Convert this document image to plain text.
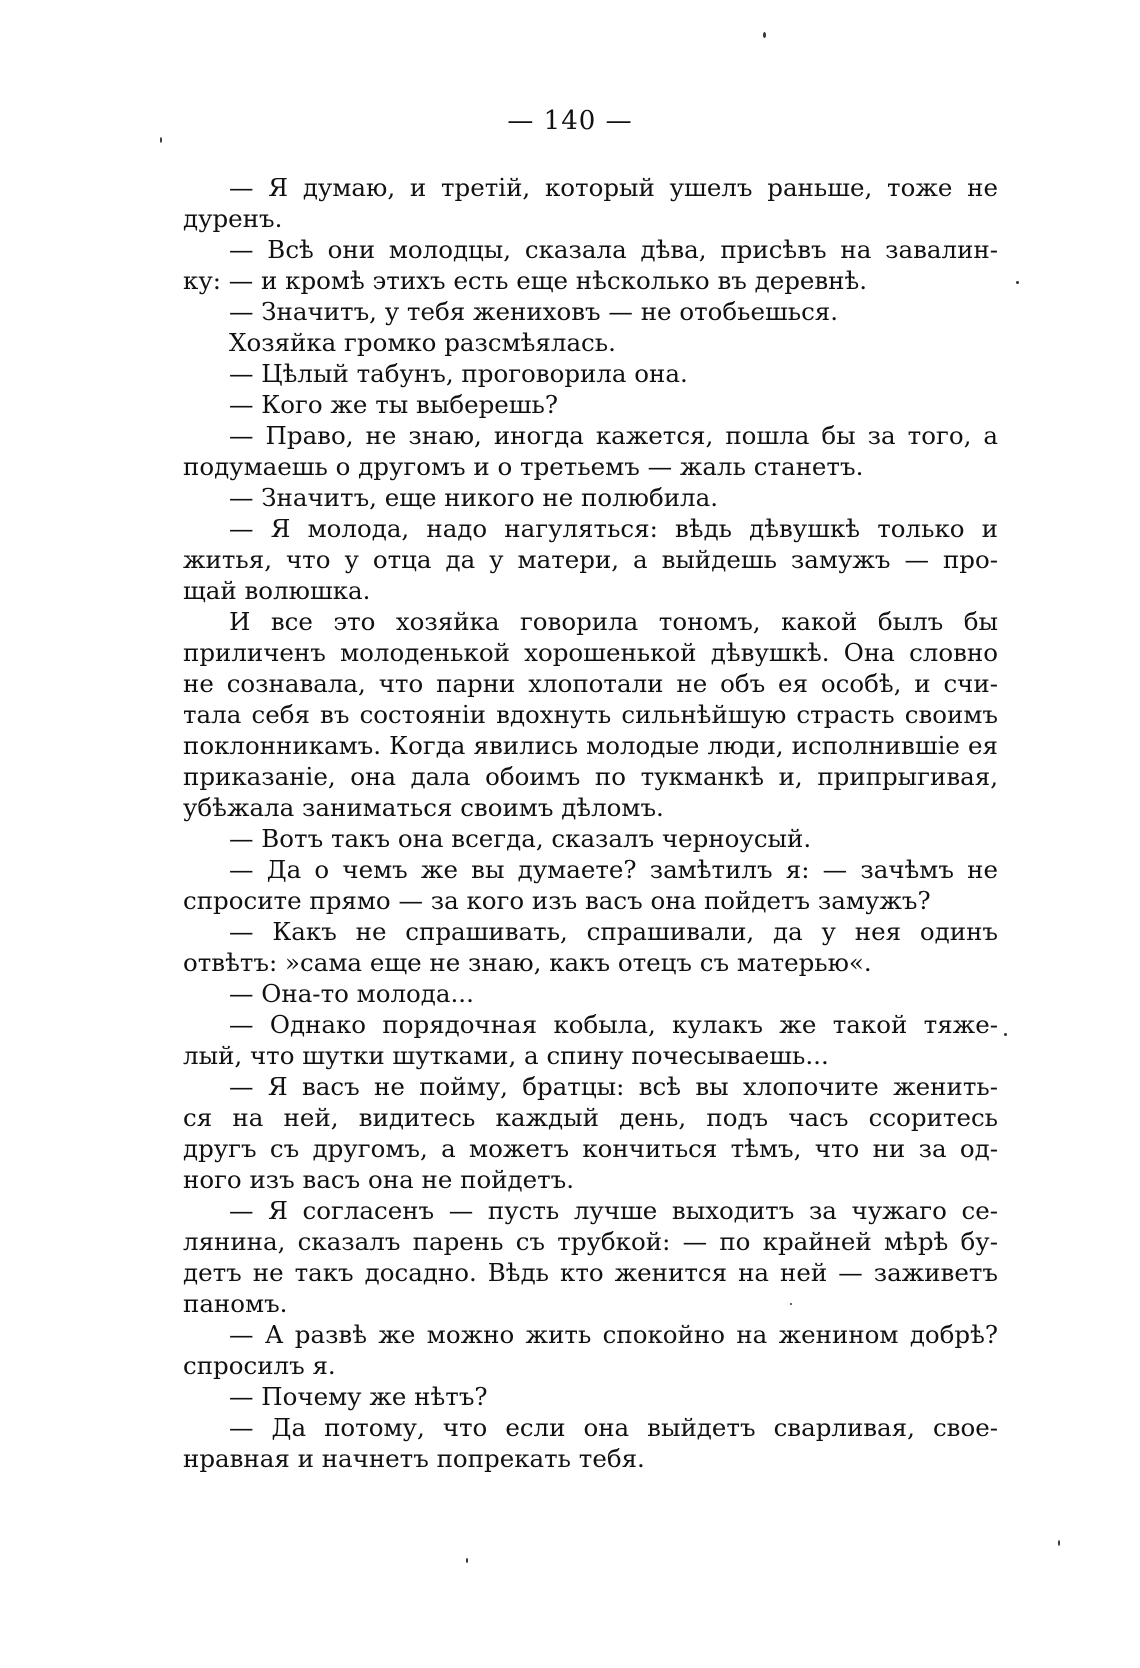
— 140 —
— Я думаю, и третій, который ушелъ раньше, тоже не
дуренъ.
— Всѣ они молодцы, сказала дѣва, присѣвъ на завалин-
ку: — и кромѣ этихъ есть еще нѣсколько въ деревнѣ.
— Значитъ, у тебя жениховъ — не отобьешься.
Хозяйка громко разсмѣялась.
— Цѣлый табунъ, проговорила она.
— Кого же ты выберешь?
— Право, не знаю, иногда кажется, пошла бы за того, а
подумаешь о другомъ и о третьемъ — жаль станетъ.
— Значитъ, еще никого не полюбила.
— Я молода, надо нагуляться: вѣдь дѣвушкѣ только и
житья, что у отца да у матери, а выйдешь замужъ — про-
щай волюшка.
И все это хозяйка говорила тономъ, какой былъ бы
приличенъ молоденькой хорошенькой дѣвушкѣ. Она словно
не сознавала, что парни хлопотали не объ ея особѣ, и счи-
тала себя въ состояніи вдохнуть сильнѣйшую страсть своимъ
поклонникамъ. Когда явились молодые люди, исполнившіе ея
приказаніе, она дала обоимъ по тукманкѣ и, припрыгивая,
убѣжала заниматься своимъ дѣломъ.
— Вотъ такъ она всегда, сказалъ черноусый.
— Да о чемъ же вы думаете? замѣтилъ я: — зачѣмъ не
спросите прямо — за кого изъ васъ она пойдетъ замужъ?
— Какъ не спрашивать, спрашивали, да у нея одинъ
отвѣтъ: »сама еще не знаю, какъ отецъ съ матерью«.
— Она-то молода...
— Однако порядочная кобыла, кулакъ же такой тяже-
лый, что шутки шутками, а спину почесываешь...
— Я васъ не пойму, братцы: всѣ вы хлопочите женить-
ся на ней, видитесь каждый день, подъ часъ ссоритесь
другъ съ другомъ, а можетъ кончиться тѣмъ, что ни за од-
ного изъ васъ она не пойдетъ.
— Я согласенъ — пусть лучше выходитъ за чужаго се-
лянина, сказалъ парень съ трубкой: — по крайней мѣрѣ бу-
детъ не такъ досадно. Вѣдь кто женится на ней — заживетъ
паномъ.
— А развѣ же можно жить спокойно на женином добрѣ?
спросилъ я.
— Почему же нѣтъ?
— Да потому, что если она выйдетъ сварливая, свое-
нравная и начнетъ попрекать тебя.
